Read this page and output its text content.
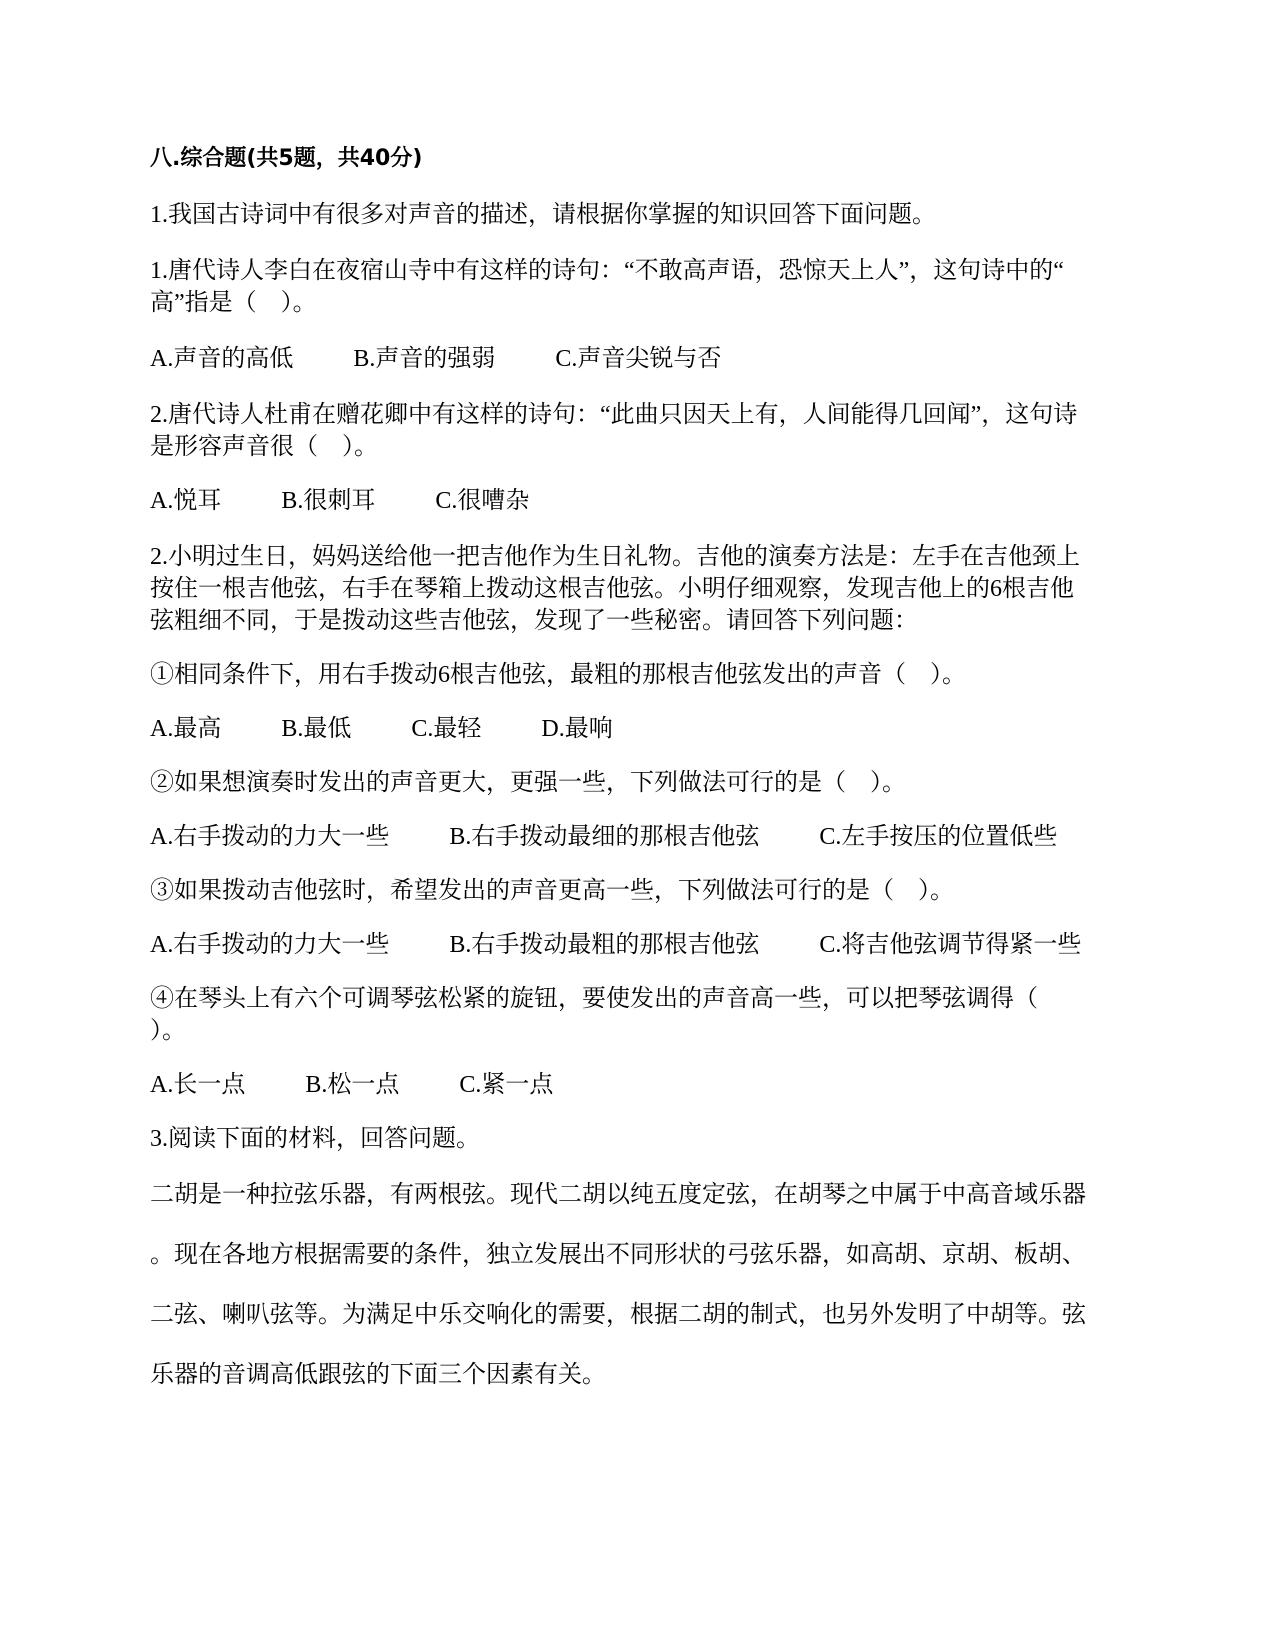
八.综合题(共5题，共40分)
1.我国古诗词中有很多对声音的描述，请根据你掌握的知识回答下面问题。
1.唐代诗人李白在夜宿山寺中有这样的诗句：“不敢高声语，恐惊天上人”，这句诗中的“
高”指是（　）。
A.声音的高低	B.声音的强弱	C.声音尖锐与否
2.唐代诗人杜甫在赠花卿中有这样的诗句：“此曲只因天上有，人间能得几回闻”，这句诗
是形容声音很（　）。
A.悦耳	B.很刺耳	C.很嘈杂
2.小明过生日，妈妈送给他一把吉他作为生日礼物。吉他的演奏方法是：左手在吉他颈上
按住一根吉他弦，右手在琴箱上拨动这根吉他弦。小明仔细观察，发现吉他上的6根吉他
弦粗细不同，于是拨动这些吉他弦，发现了一些秘密。请回答下列问题：
①相同条件下，用右手拨动6根吉他弦，最粗的那根吉他弦发出的声音（　）。
A.最高	B.最低	C.最轻	D.最响
②如果想演奏时发出的声音更大，更强一些，下列做法可行的是（　）。
A.右手拨动的力大一些	B.右手拨动最细的那根吉他弦	C.左手按压的位置低些
③如果拨动吉他弦时，希望发出的声音更高一些，下列做法可行的是（　）。
A.右手拨动的力大一些	B.右手拨动最粗的那根吉他弦	C.将吉他弦调节得紧一些
④在琴头上有六个可调琴弦松紧的旋钮，要使发出的声音高一些，可以把琴弦调得（
）。
A.长一点	B.松一点	C.紧一点
3.阅读下面的材料，回答问题。
二胡是一种拉弦乐器，有两根弦。现代二胡以纯五度定弦，在胡琴之中属于中高音域乐器
。现在各地方根据需要的条件，独立发展出不同形状的弓弦乐器，如高胡、京胡、板胡、
二弦、喇叭弦等。为满足中乐交响化的需要，根据二胡的制式，也另外发明了中胡等。弦
乐器的音调高低跟弦的下面三个因素有关。
